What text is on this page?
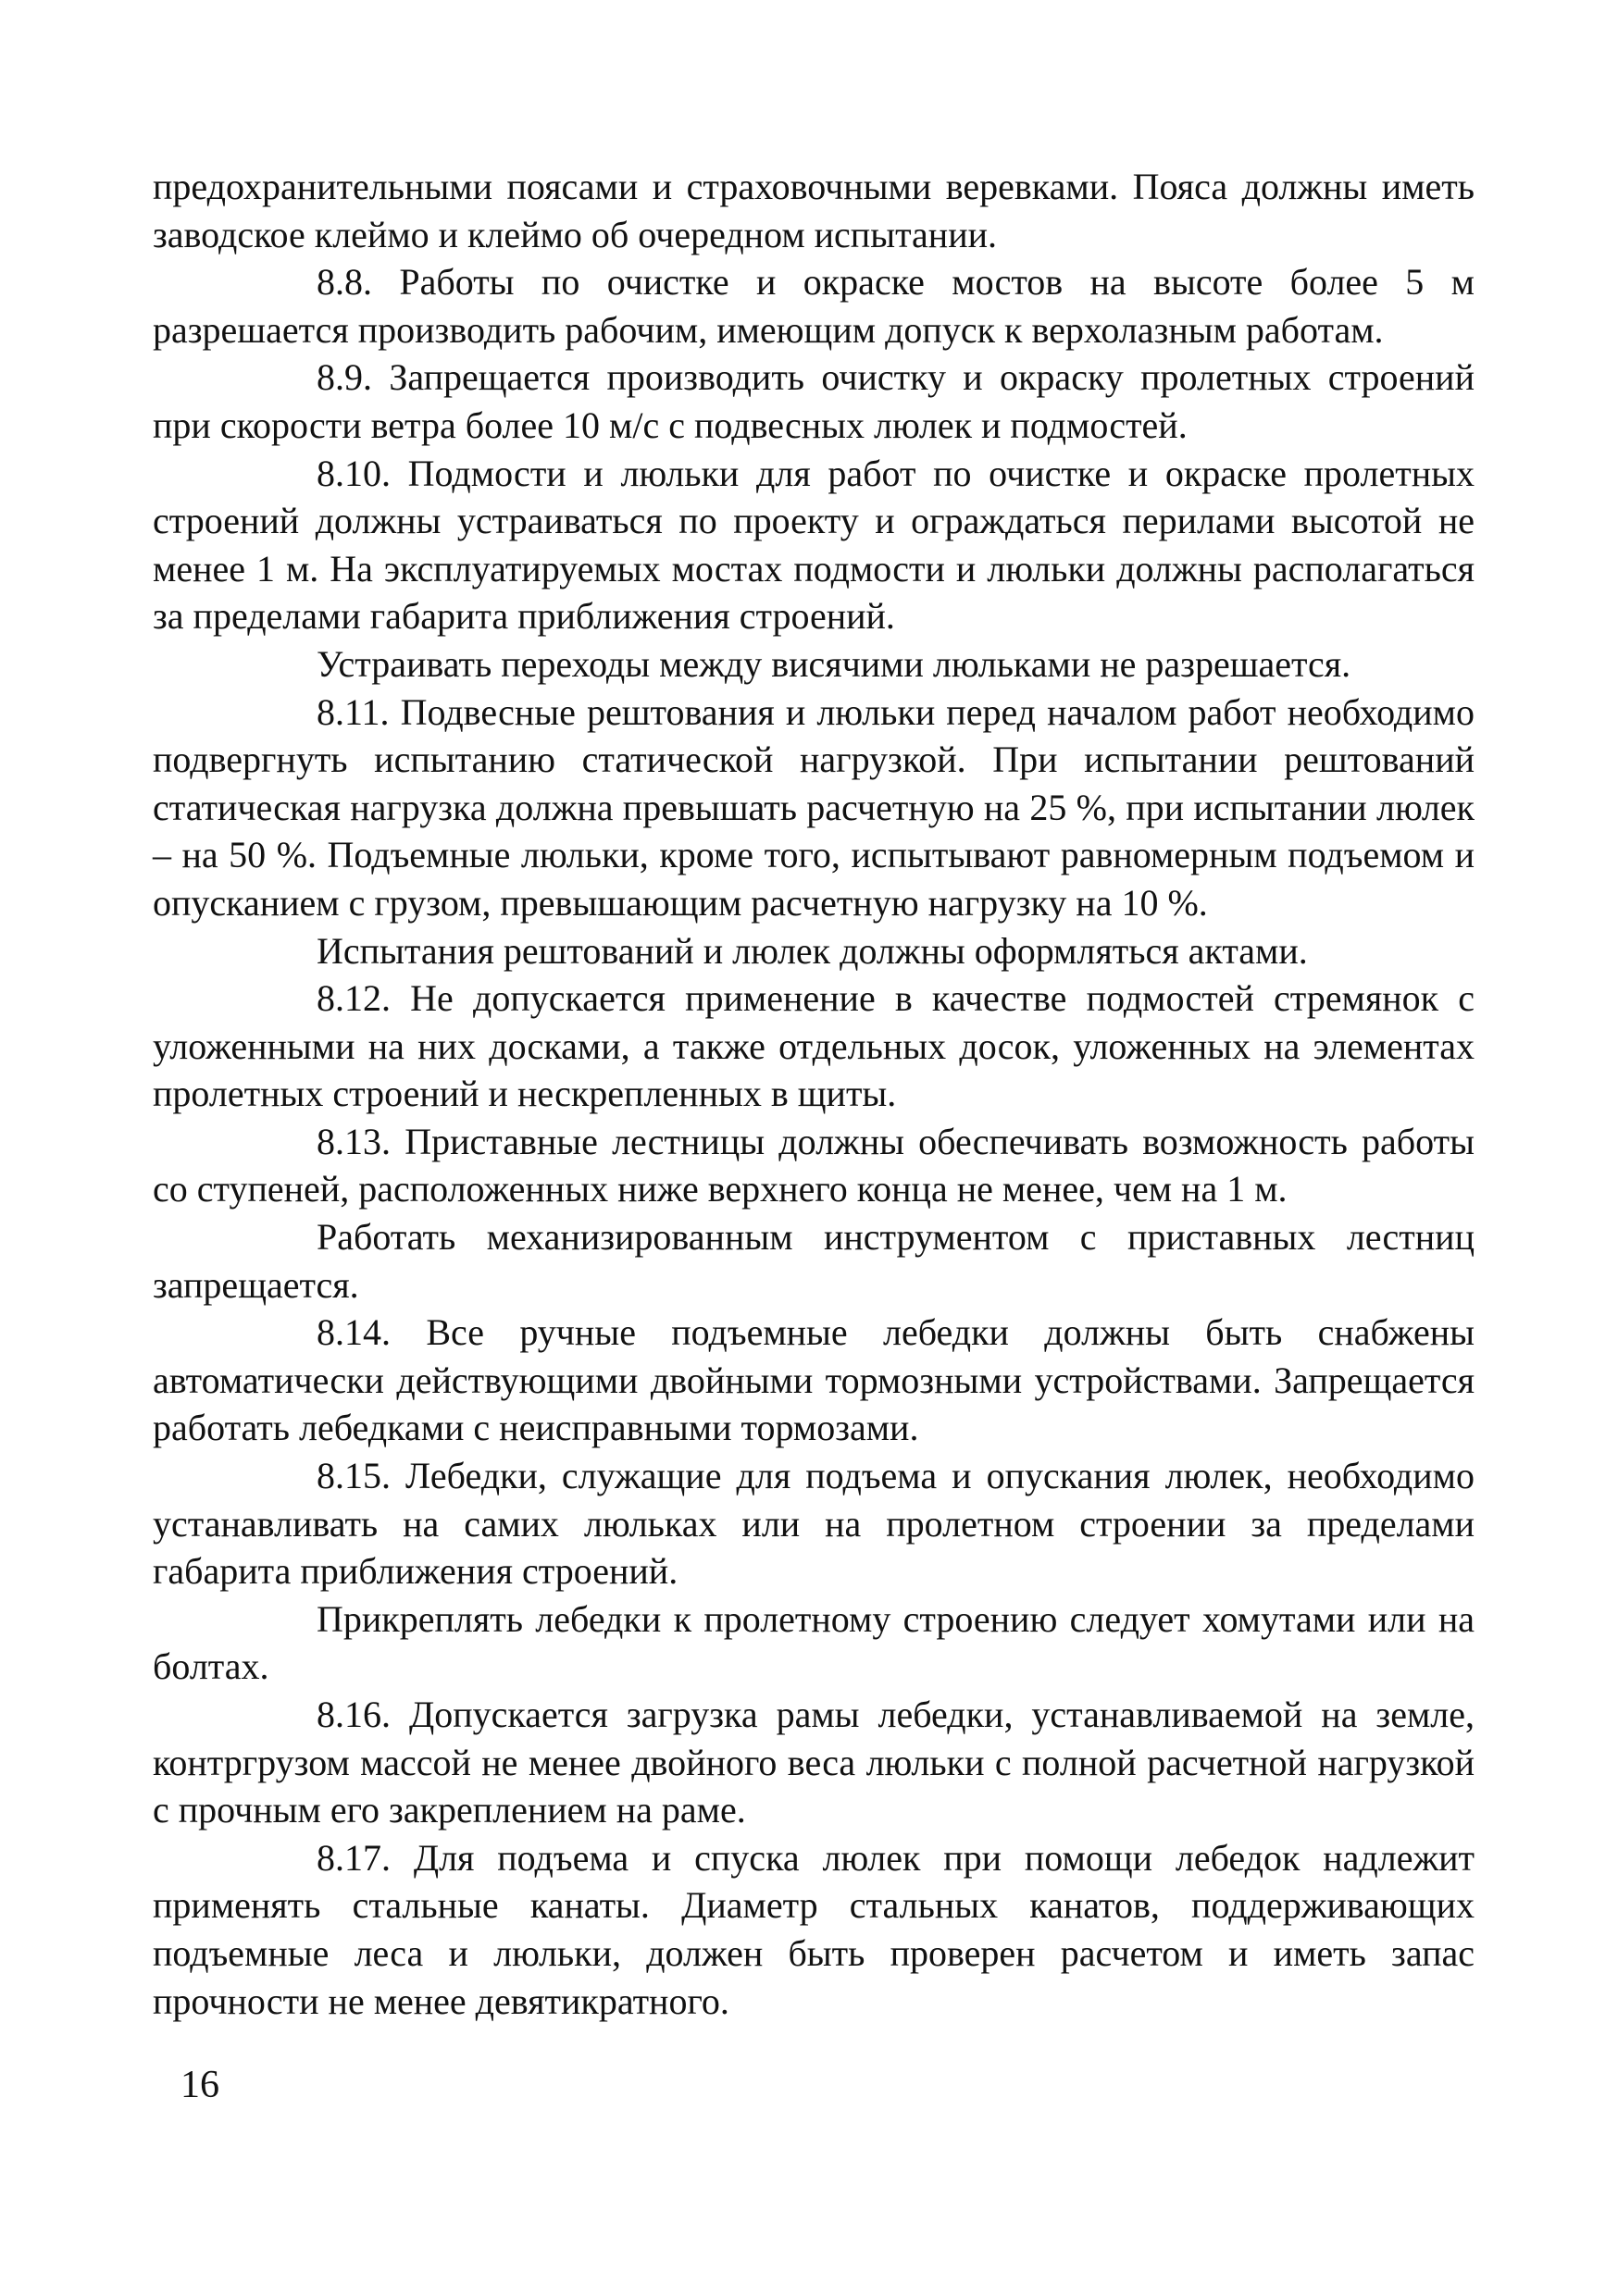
предохранительными поясами и страховочными веревками. Пояса должны иметь заводское клеймо и клеймо об очередном испытании.

8.8. Работы по очистке и окраске мостов на высоте более 5 м разрешается производить рабочим, имеющим допуск к верхолазным работам.

8.9. Запрещается производить очистку и окраску пролетных строений при скорости ветра более 10 м/с с подвесных люлек и подмостей.

8.10. Подмости и люльки для работ по очистке и окраске пролетных строений должны устраиваться по проекту и ограждаться перилами высотой не менее 1 м. На эксплуатируемых мостах подмости и люльки должны располагаться за пределами габарита приближения строений.

Устраивать переходы между висячими люльками не разрешается.

8.11. Подвесные рештования и люльки перед началом работ необходимо подвергнуть испытанию статической нагрузкой. При испытании рештований статическая нагрузка должна превышать расчетную на 25 %, при испытании люлек – на 50 %. Подъемные люльки, кроме того, испытывают равномерным подъемом и опусканием с грузом, превышающим расчетную нагрузку на 10 %.

Испытания рештований и люлек должны оформляться актами.

8.12. Не допускается применение в качестве подмостей стремянок с уложенными на них досками, а также отдельных досок, уложенных на элементах пролетных строений и нескрепленных в щиты.

8.13. Приставные лестницы должны обеспечивать возможность работы со ступеней, расположенных ниже верхнего конца не менее, чем на 1 м.

Работать механизированным инструментом с приставных лестниц запрещается.

8.14. Все ручные подъемные лебедки должны быть снабжены автоматически действующими двойными тормозными устройствами. Запрещается работать лебедками с неисправными тормозами.

8.15. Лебедки, служащие для подъема и опускания люлек, необходимо устанавливать на самих люльках или на пролетном строении за пределами габарита приближения строений.

Прикреплять лебедки к пролетному строению следует хомутами или на болтах.

8.16. Допускается загрузка рамы лебедки, устанавливаемой на земле, контргрузом массой не менее двойного веса люльки с полной расчетной нагрузкой с прочным его закреплением на раме.

8.17. Для подъема и спуска люлек при помощи лебедок надлежит применять стальные канаты. Диаметр стальных канатов, поддерживающих подъемные леса и люльки, должен быть проверен расчетом и иметь запас прочности не менее девятикратного.

16
